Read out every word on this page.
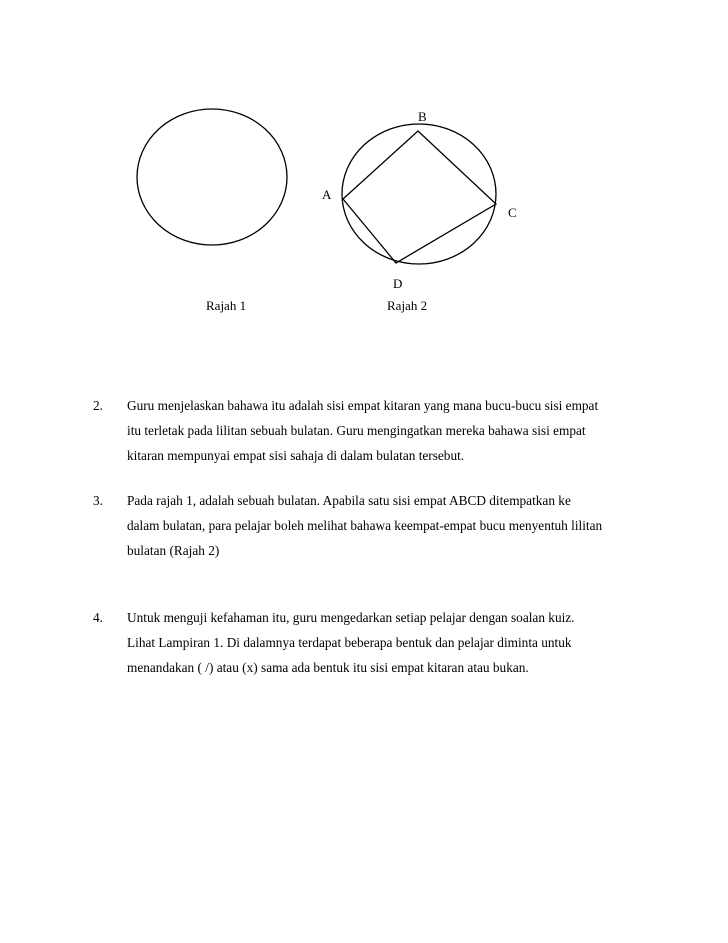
B
A
C
D
Rajah 1	Rajah 2
2.	Guru menjelaskan bahawa itu adalah sisi empat kitaran yang mana bucu-bucu sisi empat
itu terletak pada lilitan sebuah bulatan. Guru mengingatkan mereka bahawa sisi empat
kitaran mempunyai empat sisi sahaja di dalam bulatan tersebut.
3.	Pada rajah 1, adalah sebuah bulatan. Apabila satu sisi empat ABCD ditempatkan ke
dalam bulatan, para pelajar boleh melihat bahawa keempat-empat bucu menyentuh lilitan
bulatan (Rajah 2)
4.	Untuk menguji kefahaman itu, guru mengedarkan setiap pelajar dengan soalan kuiz.
Lihat Lampiran 1. Di dalamnya terdapat beberapa bentuk dan pelajar diminta untuk
menandakan ( /) atau (x) sama ada bentuk itu sisi empat kitaran atau bukan.
